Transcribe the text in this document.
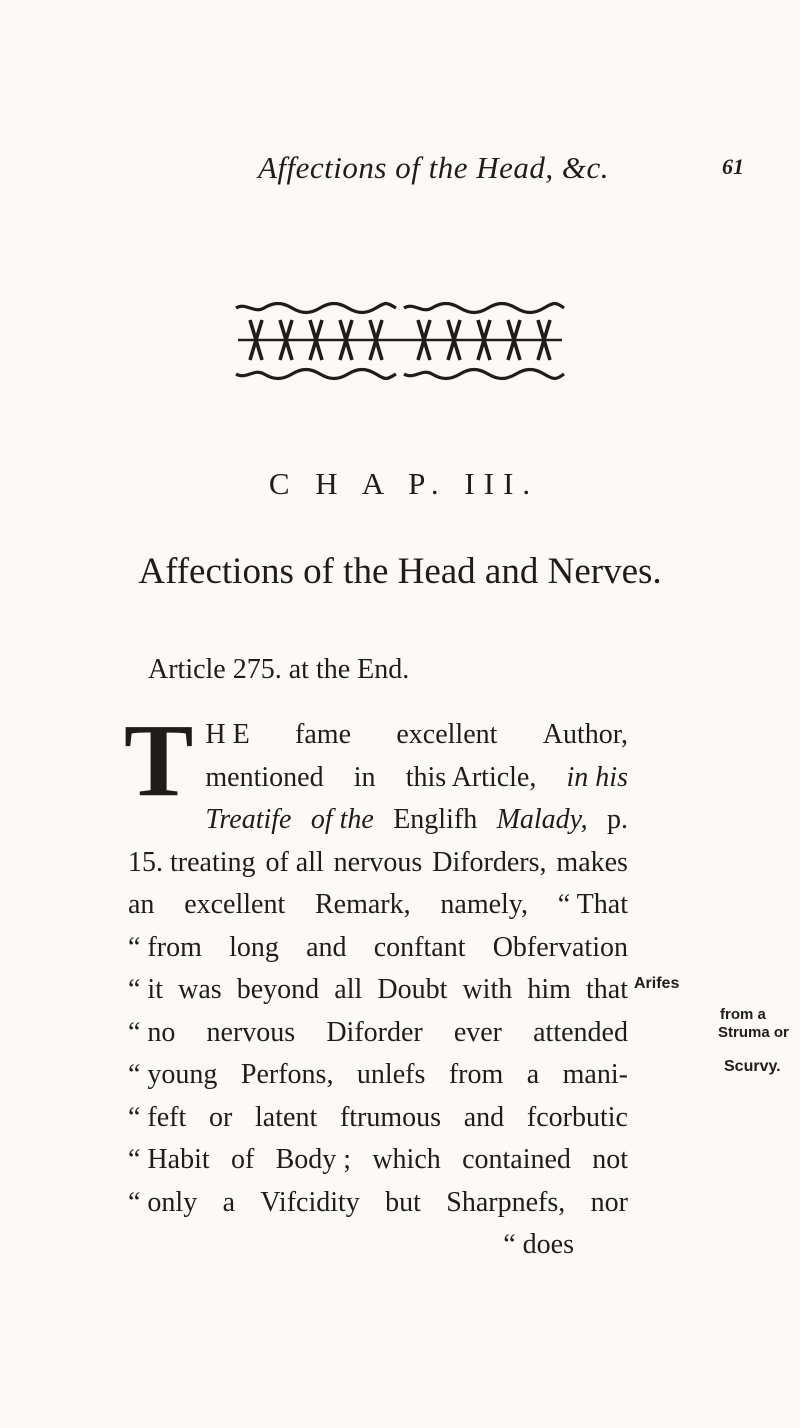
Affections of the Head, &c.	61
C H A P. III.
Affections of the Head and Nerves.
Article 275. at the End.
T H E fame excellent Author,
mentioned in this Article, in his
Treatife of the Englifh Malady, p.
15. treating of all nervous Diforders, makes
an excellent Remark, namely, “ That
“ from long and conftant Obfervation
“ it was beyond all Doubt with him that
“ no nervous Diforder ever attended
“ young Perfons, unlefs from a mani-
“ feft or latent ftrumous and fcorbutic
“ Habit of Body ; which contained not
“ only a Vifcidity but Sharpnefs, nor
“ does
Arifes
from a
Struma or
Scurvy.
